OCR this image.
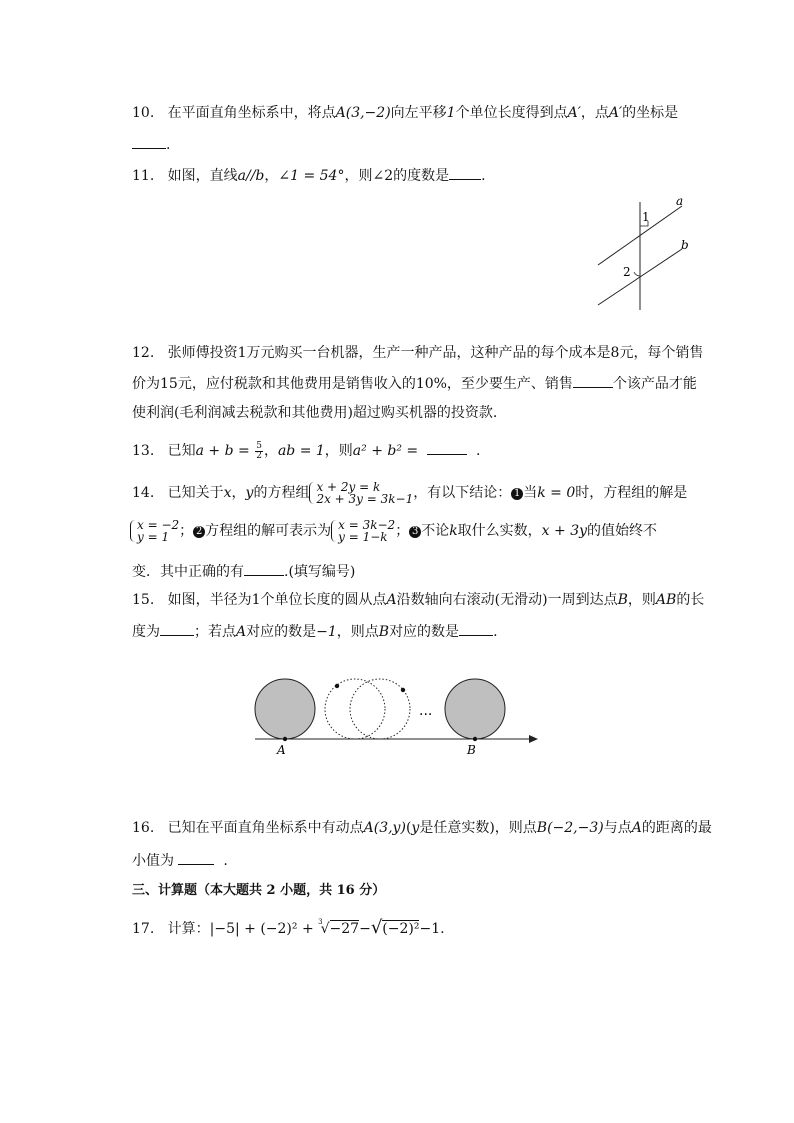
10. 在平面直角坐标系中，将点A(3,−2)向左平移1个单位长度得到点A′，点A′的坐标是
.
11. 如图，直线a//b，∠1 = 54°，则∠2的度数是 .
1
2
a
b
12. 张师傅投资1万元购买一台机器，生产一种产品，这种产品的每个成本是8元，每个销售
价为15元，应付税款和其他费用是销售收入的10%，至少要生产、销售	个该产品才能
使利润(毛利润减去税款和其他费用)超过购买机器的投资款.
13. 已知$a + b = \frac{5}{2}$ ，ab = 1，则a² + b² =	.
14. 已知关于x，y的方程组 x + 2y = k
2x + 3y = 3k−1 ，有以下结论： 1 当k = 0时，方程组的解是
x = −2
y = 1 ； 2 方程组的解可表示为 x = 3k−2
y = 1−k ； 3 不论k取什么实数，x + 3y的值始终不
变．其中正确的有	.(填写编号)
15. 如图，半径为1个单位长度的圆从点A沿数轴向右滚动(无滑动)一周到达点B，则AB的长
度为 ；若点A对应的数是−1，则点B对应的数是 .
···
A	B
16. 已知在平面直角坐标系中有动点A(3,y)(y是任意实数)，则点B(−2,−3)与点A的距离的最
小值为	.
三、计算题（本大题共 2 小题，共 16 分）
17. 计算：|−5| + (−2)² + $^3$√−27−√(−2)²−1.
